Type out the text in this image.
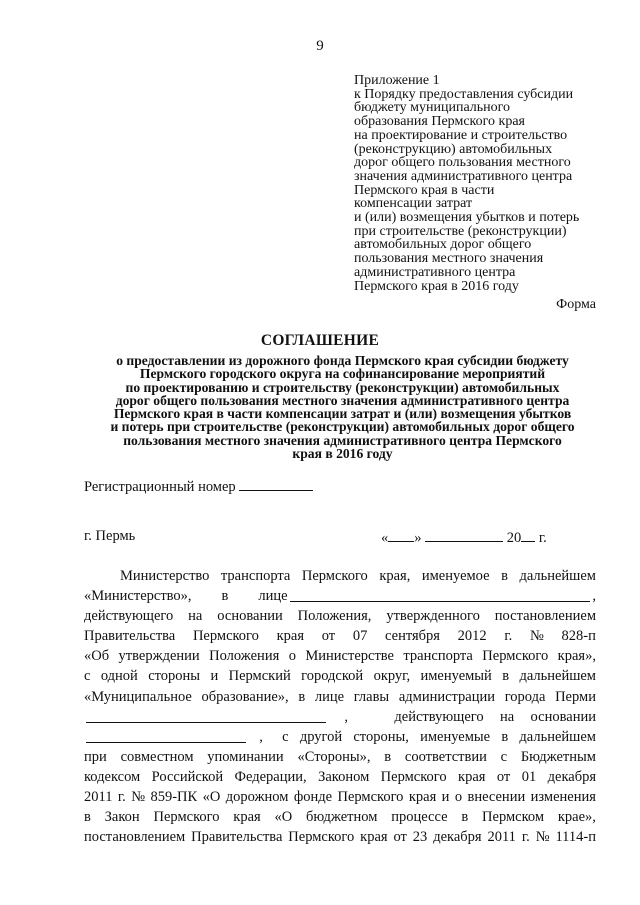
9
Приложение 1
к Порядку предоставления субсидии
бюджету муниципального
образования Пермского края
на проектирование и строительство
(реконструкцию) автомобильных
дорог общего пользования местного
значения административного центра
Пермского края в части
компенсации затрат
и (или) возмещения убытков и потерь
при строительстве (реконструкции)
автомобильных дорог общего
пользования местного значения
административного центра
Пермского края в 2016 году
Форма
СОГЛАШЕНИЕ
о предоставлении из дорожного фонда Пермского края субсидии бюджету
Пермского городского округа на софинансирование мероприятий
по проектированию и строительству (реконструкции) автомобильных
дорог общего пользования местного значения административного центра
Пермского края в части компенсации затрат и (или) возмещения убытков
и потерь при строительстве (реконструкции) автомобильных дорог общего
пользования местного значения административного центра Пермского
края в 2016 году
Регистрационный номер
г. Пермь	« »	20 г.
Министерство транспорта Пермского края, именуемое в дальнейшем
«Министерство»,	в	лице	,
действующего на основании Положения, утвержденного постановлением
Правительства Пермского края от 07 сентября 2012 г. № 828-п
«Об утверждении Положения о Министерстве транспорта Пермского края»,
с одной стороны и Пермский городской округ, именуемый в дальнейшем
«Муниципальное образование», в лице главы администрации города Перми
,	действующего на основании
, с другой стороны, именуемые в дальнейшем
при совместном упоминании «Стороны», в соответствии с Бюджетным
кодексом Российской Федерации, Законом Пермского края от 01 декабря
2011 г. № 859-ПК «О дорожном фонде Пермского края и о внесении изменения
в Закон Пермского края «О бюджетном процессе в Пермском крае»,
постановлением Правительства Пермского края от 23 декабря 2011 г. № 1114-п
